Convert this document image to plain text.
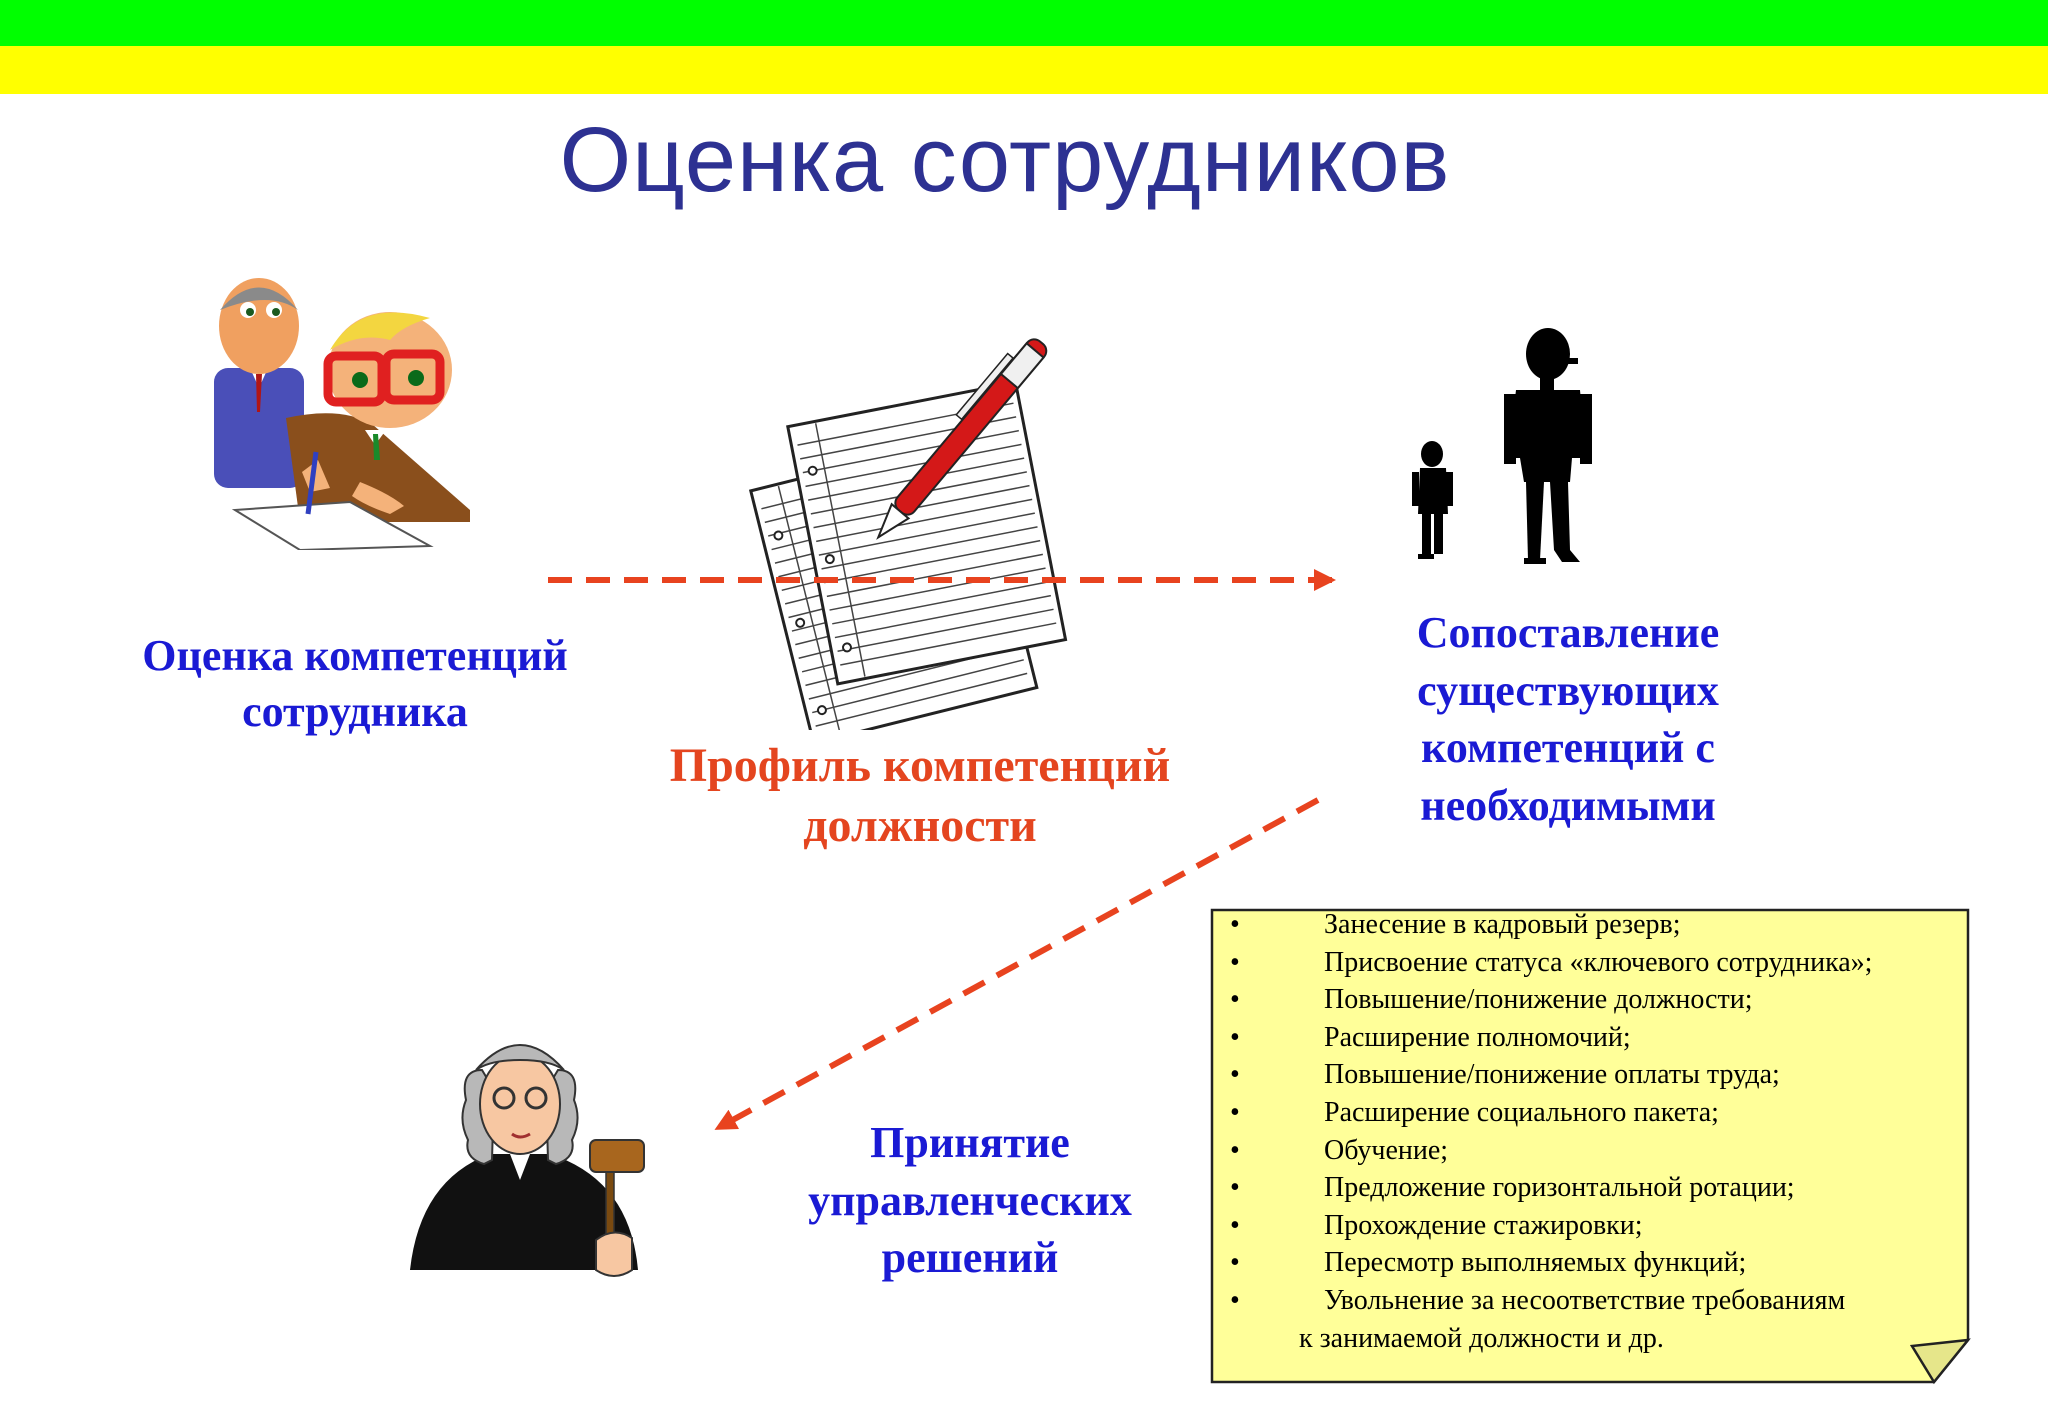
Оценка сотрудников
Оценка компетенций
сотрудника
Профиль компетенций
должности
Сопоставление
существующих
компетенций с
необходимыми
Принятие
управленческих
решений
• Занесение в кадровый резерв;
• Присвоение статуса «ключевого сотрудника»;
• Повышение/понижение должности;
• Расширение полномочий;
• Повышение/понижение оплаты труда;
• Расширение социального пакета;
• Обучение;
• Предложение горизонтальной ротации;
• Прохождение стажировки;
• Пересмотр выполняемых функций;
• Увольнение за несоответствие требованиям
к занимаемой должности и др.
